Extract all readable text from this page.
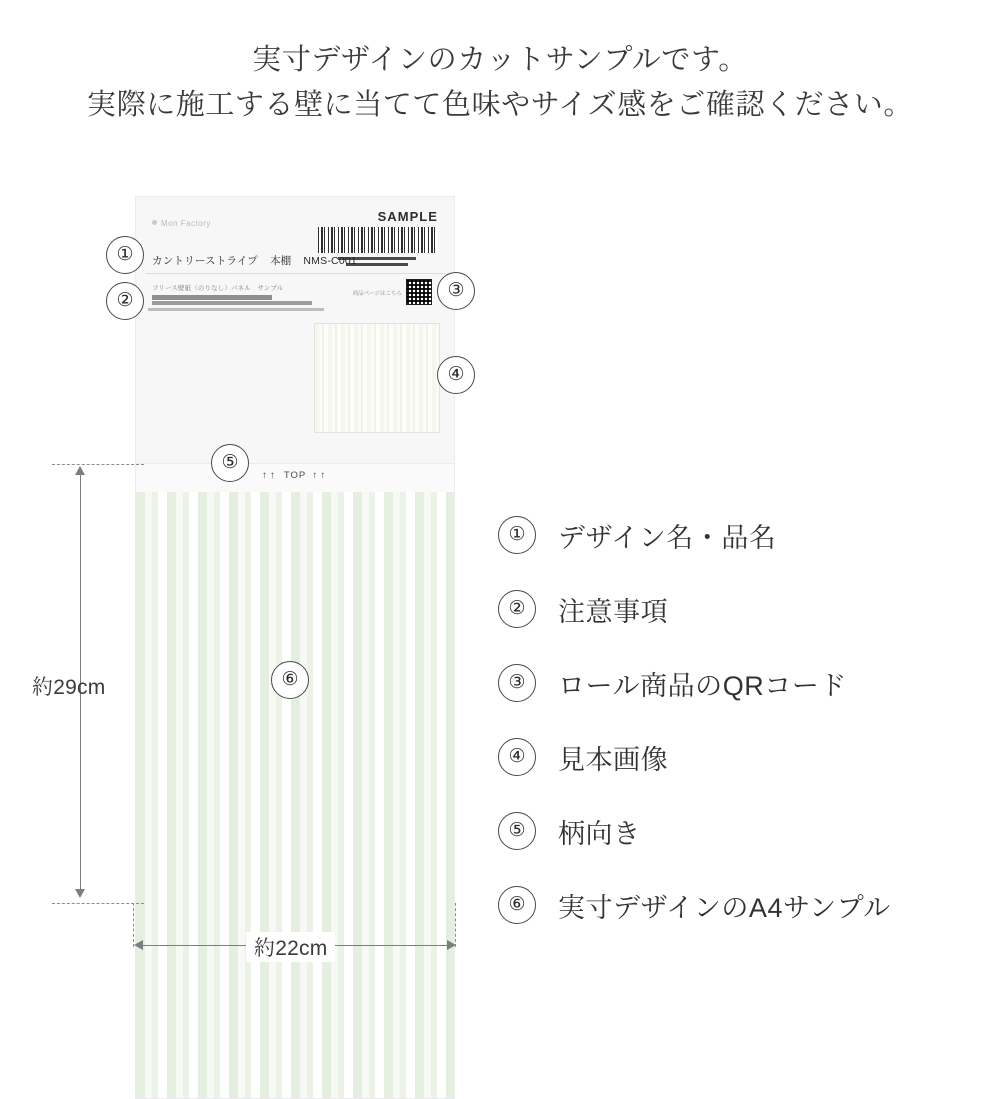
実寸デザインのカットサンプルです。
実際に施工する壁に当てて色味やサイズ感をご確認ください。
Mon Factory	SAMPLE
カントリーストライプ 本棚 NMS-C001
フリース壁紙（のりなし）パネル　サンプル
商品ページはこちら
↑↑ TOP ↑↑
①
②	③
④
⑤
⑥
約29cm
約22cm
①	デザイン名・品名
②	注意事項
③	ロール商品のQRコード
④	見本画像
⑤	柄向き
⑥	実寸デザインのA4サンプル
